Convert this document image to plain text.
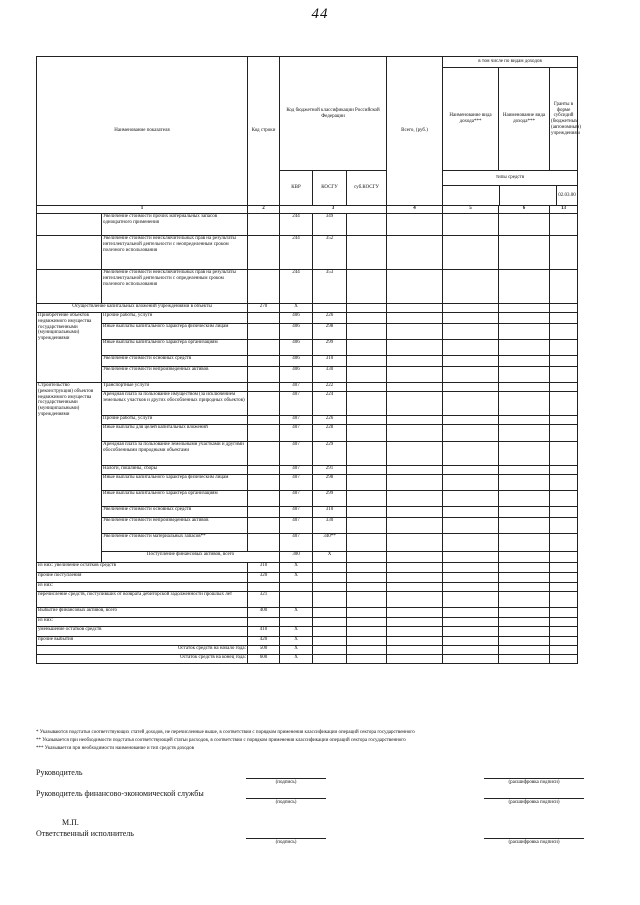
44
Наименование показателя		Код строки	Код бюджетной классификации Российской Федерации			Всего, (руб.)	в том числе по видам доходов			
							Наименование вида дохода***	Наименование вида дохода***	Гранты в форме субсидий (бюджетным (автономным) учреждениям	
			КВР	КОСГУ	суб.КОСГУ		типы средств
02.03.00			

1		2	3			4	5	6	13	
	Увеличение стоимости прочих материальных запасов однократного применения		244	349						
	Увеличение стоимости неисключительных прав на результаты интеллектуальной деятельности с неопределенным сроком полезного использования		244	352						
	Увеличение стоимости неисключительных прав на результаты интеллектуальной деятельности с определенным сроком полезного использования		244	353						
Осуществление капитальных вложений учреждениями в объекты		270	X							
Приобретение объектов недвижимого имущества государственными (муниципальными) учреждениями	Прочие работы, услуги		406	226						
	Иные выплаты капитального характера физическим лицам		406	298						
	Иные выплаты капитального характера организациям		406	299						
	Увеличение стоимости основных средств		406	310						
	Увеличение стоимости непроизведенных активов		406	330						
Строительство (реконструкция) объектов недвижимого имущества государственными (муниципальными) учреждениями	Транспортные услуги		407	222						
	Арендная плата за пользование имуществом (за исключением земельных участков и других обособленных природных объектов)		407	224						
	Прочие работы, услуги		407	226						
	Иные выплаты для целей капитальных вложений		407	228						
	Арендная плата за пользование земельными участками и другими обособленными природными объектами		407	229						
	Налоги, пошлины, сборы		407	291						
	Иные выплаты капитального характера физическим лицам		407	298						
	Иные выплаты капитального характера организациям		407	299						
	Увеличение стоимости основных средств		407	310						
	Увеличение стоимости непроизведенных активов		407	330						
	Увеличение стоимости материальных запасов**		407	340**						
	Поступление финансовых активов, всего		300	X						
из них: увеличение остатков средств		310	X							
прочие поступления		320	X							
из них:										
перечисление средств, поступивших от возврата дебиторской задолженности прошлых лет		321								
Выбытие финансовых активов, всего		400	X							
из них:										
уменьшение остатков средств		410	X							
прочие выбытия		420	X							
Остаток средств на начало года:		500	X							
Остаток средств на конец года:		600	X							
* Указываются подстатьи соответствующих статей доходов, не перечисленные выше, в соответствии с порядком применения классификации операций сектора государственного
** Указывается при необходимости подстатья соответствующей статьи расходов, в соответствии с порядком применения классификации операций сектора государственного
*** Указывается при необходимости наименование и тип средств доходов
Руководитель
(подпись)	(расшифровка подписи)
Руководитель финансово-экономической службы
(подпись)	(расшифровка подписи)
М.П.
Ответственный исполнитель
(подпись)	(расшифровка подписи)
